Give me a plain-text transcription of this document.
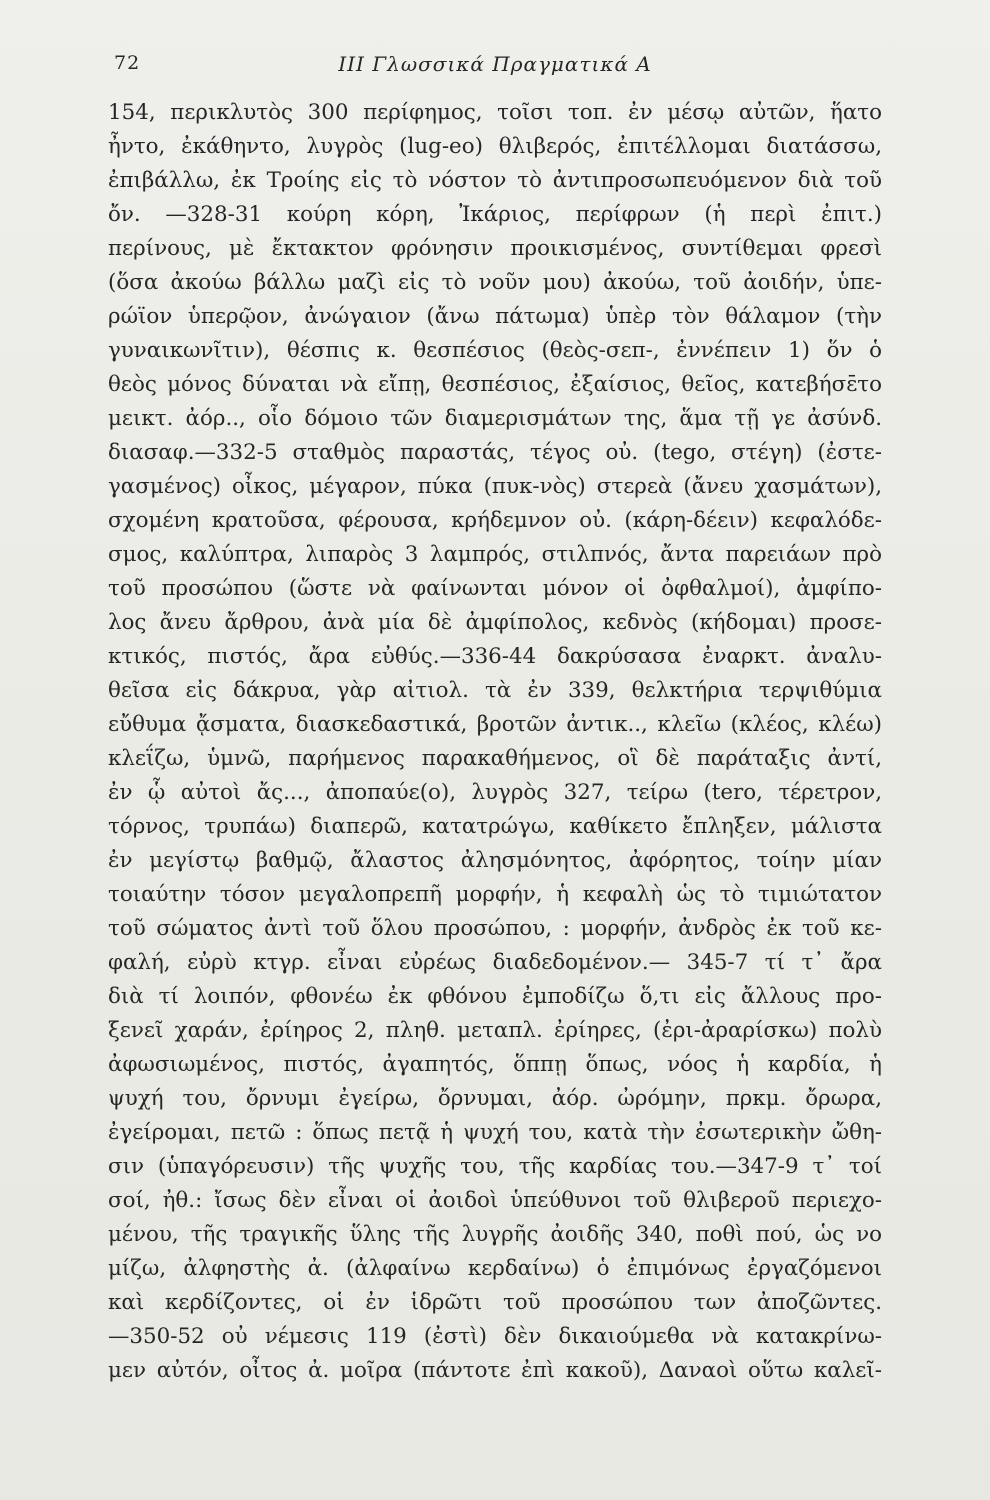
72	ΙΙΙ Γλωσσικά Πραγματικά Α
154, περικλυτὸς 300 περίφημος, τοῖσι τοπ. ἐν μέσῳ αὐτῶν, ἥατο
ἦντο, ἐκάθηντο, λυγρὸς (lug-eo) θλιβερός, ἐπιτέλλομαι διατάσσω,
ἐπιβάλλω, ἐκ Τροίης εἰς τὸ νόστον τὸ ἀντιπροσωπευόμενον διὰ τοῦ
ὄν. —328-31 κούρη κόρη, Ἰκάριος, περίφρων (ἡ περὶ ἐπιτ.)
περίνους, μὲ ἔκτακτον φρόνησιν προικισμένος, συντίθεμαι φρεσὶ
(ὅσα ἀκούω βάλλω μαζὶ εἰς τὸ νοῦν μου) ἀκούω, τοῦ ἀοιδήν, ὑπε-
ρώϊον ὑπερῷον, ἀνώγαιον (ἄνω πάτωμα) ὑπὲρ τὸν θάλαμον (τὴν
γυναικωνῖτιν), θέσπις κ. θεσπέσιος (θεὸς-σεπ-, ἐννέπειν 1) ὅν ὁ
θεὸς μόνος δύναται νὰ εἴπῃ, θεσπέσιος, ἐξαίσιος, θεῖος, κατεβήσε̄το
μεικτ. ἀόρ.., οἷο δόμοιο τῶν διαμερισμάτων της, ἅμα τῇ γε ἀσύνδ.
διασαφ.—332-5 σταθμὸς παραστάς, τέγος οὐ. (tego, στέγη) (ἐστε-
γασμένος) οἶκος, μέγαρον, πύκα (πυκ-νὸς) στερεὰ (ἄνευ χασμάτων),
σχομένη κρατοῦσα, φέρουσα, κρήδεμνον οὐ. (κάρη-δέειν) κεφαλόδε-
σμος, καλύπτρα, λιπαρὸς 3 λαμπρός, στιλπνός, ἄντα παρειάων πρὸ
τοῦ προσώπου (ὥστε νὰ φαίνωνται μόνον οἱ ὀφθαλμοί), ἀμφίπο-
λος ἄνευ ἄρθρου, ἀνὰ μία δὲ ἀμφίπολος, κεδνὸς (κήδομαι) προσε-
κτικός, πιστός, ἄρα εὐθύς.—336-44 δακρύσασα ἐναρκτ. ἀναλυ-
θεῖσα εἰς δάκρυα, γὰρ αἰτιολ. τὰ ἐν 339, θελκτήρια τερψιθύμια
εὔθυμα ᾄσματα, διασκεδαστικά, βροτῶν ἀντικ.., κλεῖω (κλέος, κλέω)
κλεΐζω, ὑμνῶ, παρήμενος παρακαθήμενος, οἳ δὲ παράταξις ἀντί,
ἐν ᾧ αὐτοὶ ἄς..., ἀποπαύε(ο), λυγρὸς 327, τείρω (tero, τέρετρον,
τόρνος, τρυπάω) διαπερῶ, κατατρώγω, καθίκετο ἔπληξεν, μάλιστα
ἐν μεγίστῳ βαθμῷ, ἄλαστος ἀλησμόνητος, ἀφόρητος, τοίην μίαν
τοιαύτην τόσον μεγαλοπρεπῆ μορφήν, ἡ κεφαλὴ ὡς τὸ τιμιώτατον
τοῦ σώματος ἀντὶ τοῦ ὅλου προσώπου, : μορφήν, ἀνδρὸς ἐκ τοῦ κε-
φαλή, εὐρὺ κτγρ. εἶναι εὐρέως διαδεδομένον.— 345-7 τί τ᾽ ἄρα
διὰ τί λοιπόν, φθονέω ἐκ φθόνου ἐμποδίζω ὅ,τι εἰς ἄλλους προ-
ξενεῖ χαράν, ἐρίηρος 2, πληθ. μεταπλ. ἐρίηρες, (ἐρι-ἀραρίσκω) πολὺ
ἀφωσιωμένος, πιστός, ἀγαπητός, ὅππῃ ὅπως, νόος ἡ καρδία, ἡ
ψυχή του, ὄρνυμι ἐγείρω, ὄρνυμαι, ἀόρ. ὠρόμην, πρκμ. ὄρωρα,
ἐγείρομαι, πετῶ : ὅπως πετᾷ ἡ ψυχή του, κατὰ τὴν ἐσωτερικὴν ὤθη-
σιν (ὑπαγόρευσιν) τῆς ψυχῆς του, τῆς καρδίας του.—347-9 τ᾽ τοί
σοί, ἠθ.: ἴσως δὲν εἶναι οἱ ἀοιδοὶ ὑπεύθυνοι τοῦ θλιβεροῦ περιεχο-
μένου, τῆς τραγικῆς ὕλης τῆς λυγρῆς ἀοιδῆς 340, ποθὶ πού, ὡς νο
μίζω, ἀλφηστὴς ἀ. (ἀλφαίνω κερδαίνω) ὁ ἐπιμόνως ἐργαζόμενοι
καὶ κερδίζοντες, οἱ ἐν ἱδρῶτι τοῦ προσώπου των ἀποζῶντες.
—350-52 οὐ νέμεσις 119 (ἐστὶ) δὲν δικαιούμεθα νὰ κατακρίνω-
μεν αὐτόν, οἶτος ἀ. μοῖρα (πάντοτε ἐπὶ κακοῦ), Δαναοὶ οὕτω καλεῖ-
